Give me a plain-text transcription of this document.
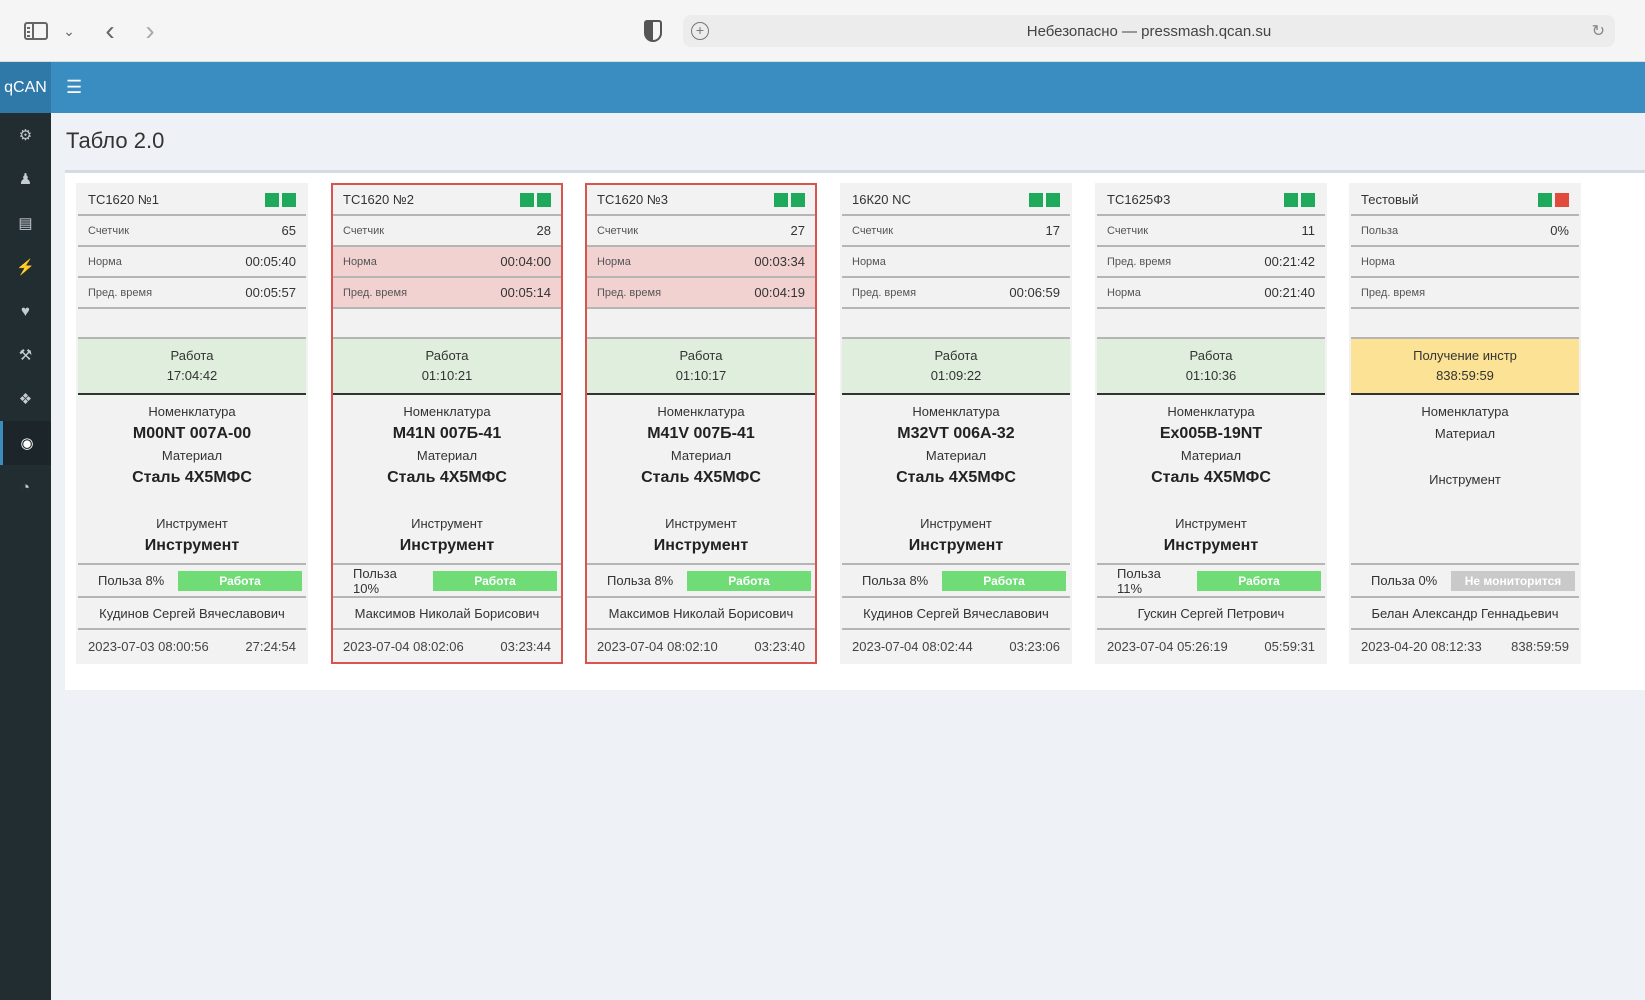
⌄ ‹ ›	+	Небезопасно — pressmash.qcan.su	↻
qCAN ☰
⚙
♟
▤
⚡
♥
⚒
❖
◉
◔
Табло 2.0
ТС1620 №1
Счетчик	65
Норма	00:05:40
Пред. время	00:05:57
Работа
17:04:42
Номенклатура
M00NT 007A-00
Материал
Сталь 4Х5МФС
Инструмент
Инструмент
Польза 8%	Работа
Кудинов Сергей Вячеславович
2023-07-03 08:00:56	27:24:54
ТС1620 №2
Счетчик	28
Норма	00:04:00
Пред. время	00:05:14
Работа
01:10:21
Номенклатура
M41N 007Б-41
Материал
Сталь 4Х5МФС
Инструмент
Инструмент
Польза 10%	Работа
Максимов Николай Борисович
2023-07-04 08:02:06	03:23:44
ТС1620 №3
Счетчик	27
Норма	00:03:34
Пред. время	00:04:19
Работа
01:10:17
Номенклатура
M41V 007Б-41
Материал
Сталь 4Х5МФС
Инструмент
Инструмент
Польза 8%	Работа
Максимов Николай Борисович
2023-07-04 08:02:10	03:23:40
16К20 NC
Счетчик	17
Норма
Пред. время	00:06:59
Работа
01:09:22
Номенклатура
M32VT 006A-32
Материал
Сталь 4Х5МФС
Инструмент
Инструмент
Польза 8%	Работа
Кудинов Сергей Вячеславович
2023-07-04 08:02:44	03:23:06
ТС1625Ф3
Счетчик	11
Пред. время	00:21:42
Норма	00:21:40
Работа
01:10:36
Номенклатура
Ex005B-19NT
Материал
Сталь 4Х5МФС
Инструмент
Инструмент
Польза 11%	Работа
Гускин Сергей Петрович
2023-07-04 05:26:19	05:59:31
Тестовый
Польза	0%
Норма
Пред. время
Получение инстр
838:59:59
Номенклатура
Материал
Инструмент
Польза 0%	Не мониторится
Белан Александр Геннадьевич
2023-04-20 08:12:33 838:59:59
